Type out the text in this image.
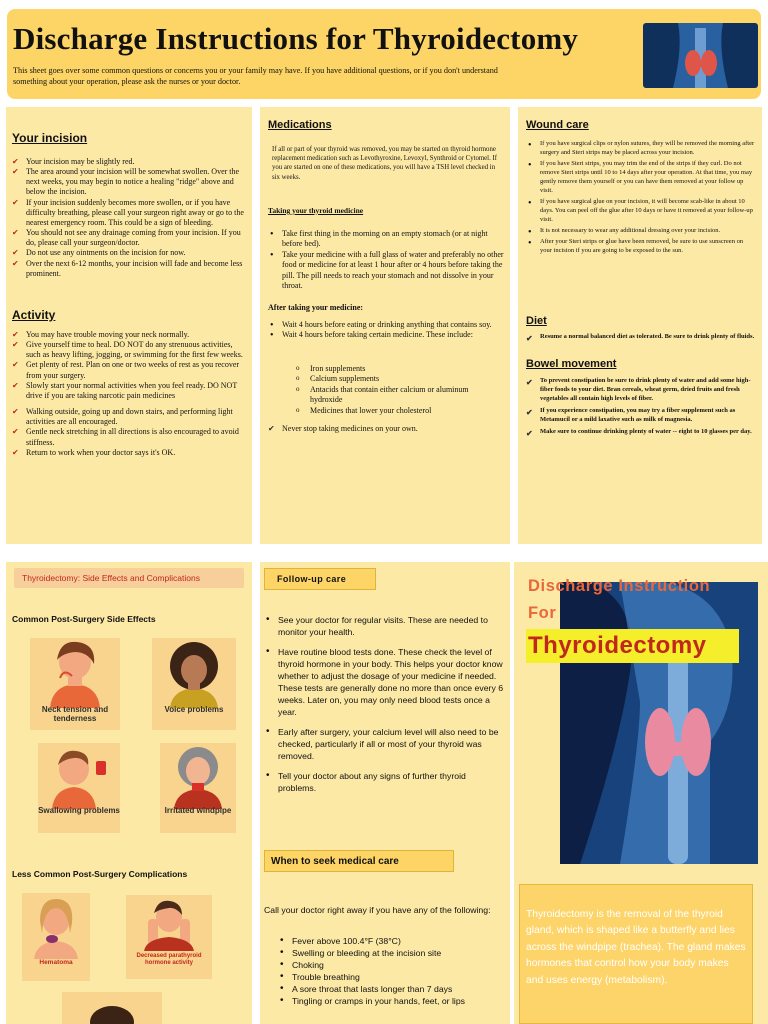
Discharge Instructions for Thyroidectomy

This sheet goes over some common questions or concerns you or your family may have. If you have additional questions, or if you don't understand something about your operation, please ask the nurses or your doctor.

Your incision
✔ Your incision may be slightly red.
✔ The area around your incision will be somewhat swollen. Over the next weeks, you may begin to notice a healing "ridge" above and below the incision.
✔ If your incision suddenly becomes more swollen, or if you have difficulty breathing, please call your surgeon right away or go to the nearest emergency room. This could be a sign of bleeding.
✔ You should not see any drainage coming from your incision. If you do, please call your surgeon/doctor.
✔ Do not use any ointments on the incision for now.
✔ Over the next 6-12 months, your incision will fade and become less prominent.
Activity
✔ You may have trouble moving your neck normally.
✔ Give yourself time to heal. DO NOT do any strenuous activities, such as heavy lifting, jogging, or swimming for the first few weeks.
✔ Get plenty of rest. Plan on one or two weeks of rest as you recover from your surgery.
✔ Slowly start your normal activities when you feel ready. DO NOT drive if you are taking narcotic pain medicines
✔ Walking outside, going up and down stairs, and performing light activities are all encouraged.
✔ Gentle neck stretching in all directions is also encouraged to avoid stiffness.
✔ Return to work when your doctor says it's OK.
Medications

If all or part of your thyroid was removed, you may be started on thyroid hormone replacement medication such as Levothyroxine, Levoxyl, Synthroid or Cytomel. If you are started on one of these medications, you will have a TSH level checked in six weeks.

Taking your thyroid medicine

• Take first thing in the morning on an empty stomach (or at night before bed).
• Take your medicine with a full glass of water and preferably no other food or medicine for at least 1 hour after or 4 hours before taking the pill. The pill needs to reach your stomach and not dissolve in your throat.

After taking your medicine:

• Wait 4 hours before eating or drinking anything that contains soy.
• Wait 4 hours before taking certain medicine. These include:
o Iron supplements
o Calcium supplements
o Antacids that contain either calcium or aluminum hydroxide
o Medicines that lower your cholesterol
✔ Never stop taking medicines on your own.
Wound care
• If you have surgical clips or nylon sutures, they will be removed the morning after surgery and Steri strips may be placed across your incision.
• If you have Steri strips, you may trim the end of the strips if they curl. Do not remove Steri strips until 10 to 14 days after your operation. At that time, you may gently remove them yourself or you can have them removed at your follow up visit.
• If you have surgical glue on your incision, it will become scab-like in about 10 days. You can peel off the glue after 10 days or have it removed at your follow-up visit.
• It is not necessary to wear any additional dressing over your incision.
• After your Steri strips or glue have been removed, be sure to use sunscreen on your incision if you are going to be exposed to the sun.
Diet
✔ Resume a normal balanced diet as tolerated. Be sure to drink plenty of fluids.
Bowel movement
✔ To prevent constipation be sure to drink plenty of water and add some high-fiber foods to your diet. Bran cereals, wheat germ, dried fruits and fresh vegetables all contain high levels of fiber.
✔ If you experience constipation, you may try a fiber supplement such as Metamucil or a mild laxative such as milk of magnesia.
✔ Make sure to continue drinking plenty of water -- eight to 10 glasses per day.
Thyroidectomy: Side Effects and Complications

Common Post-Surgery Side Effects

Neck tension and tenderness
Voice problems
Swallowing problems	Irritated windpipe

Less Common Post-Surgery Complications

Hematoma
Decreased parathyroid hormone activity
Follow-up care
• See your doctor for regular visits. These are needed to monitor your health.
• Have routine blood tests done. These check the level of thyroid hormone in your body. This helps your doctor know whether to adjust the dosage of your medicine if needed. These tests are generally done no more than once every 6 weeks. Later on, you may only need blood tests once a year.
• Early after surgery, your calcium level will also need to be checked, particularly if all or most of your thyroid was removed.
• Tell your doctor about any signs of further thyroid problems.
When to seek medical care

Call your doctor right away if you have any of the following:

• Fever above 100.4°F (38°C)
• Swelling or bleeding at the incision site
• Choking
• Trouble breathing
• A sore throat that lasts longer than 7 days
• Tingling or cramps in your hands, feet, or lips
Discharge Instruction
For
Thyroidectomy

Thyroidectomy is the removal of the thyroid gland, which is shaped like a butterfly and lies across the windpipe (trachea). The gland makes hormones that control how your body makes and uses energy (metabolism).
